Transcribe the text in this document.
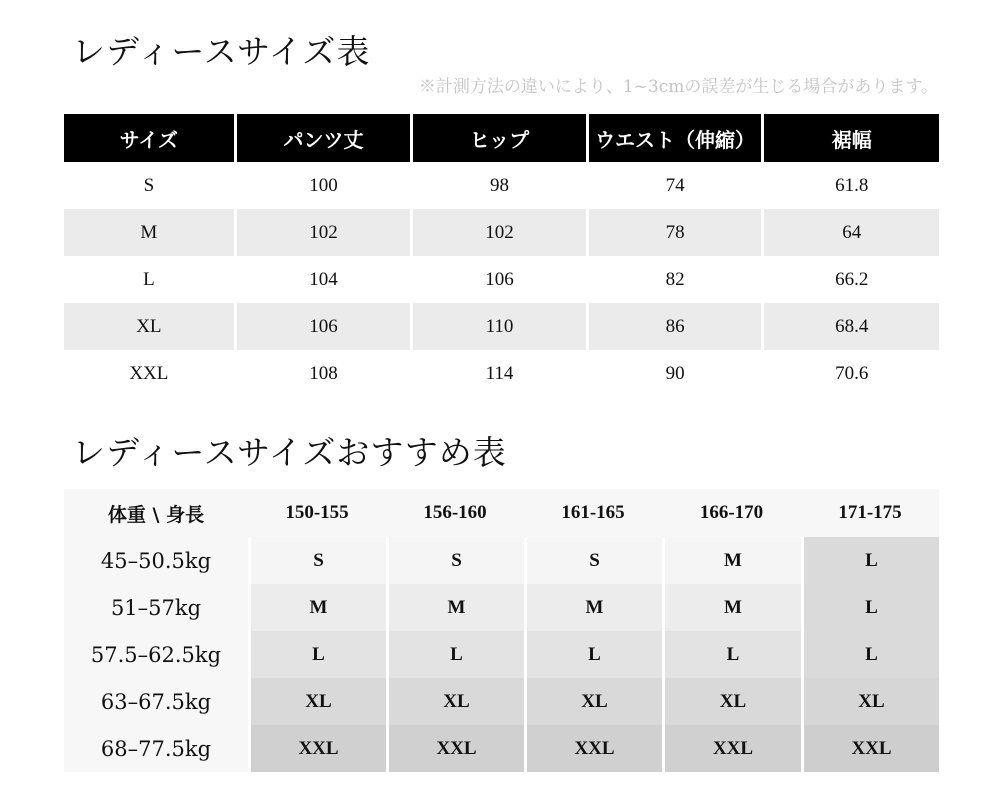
レディースサイズ表
※計測方法の違いにより、1~3cmの誤差が生じる場合があります。
サイズ	パンツ丈	ヒップ	ウエスト（伸縮）	裾幅
S	100	98	74	61.8
M	102	102	78	64
L	104	106	82	66.2
XL	106	110	86	68.4
XXL	108	114	90	70.6
レディースサイズおすすめ表
体重 \ 身長	150-155	156-160	161-165	166-170	171-175
45–50.5kg	S	S	S	M	L
51–57kg	M	M	M	M	L
57.5–62.5kg	L	L	L	L	L
63–67.5kg	XL	XL	XL	XL	XL
68–77.5kg	XXL	XXL	XXL	XXL	XXL
